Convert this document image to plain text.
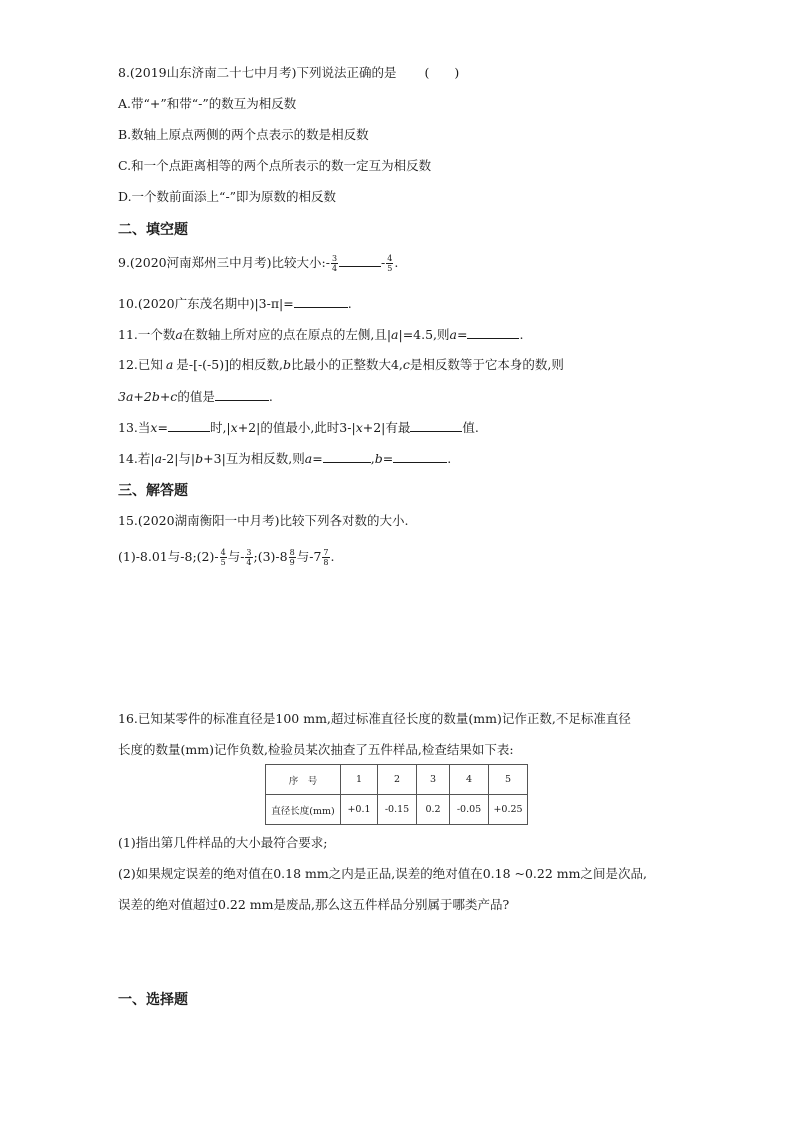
8.(2019山东济南二十七中月考)下列说法正确的是 (　　)
A.带“+”和带“-”的数互为相反数
B.数轴上原点两侧的两个点表示的数是相反数
C.和一个点距离相等的两个点所表示的数一定互为相反数
D.一个数前面添上“-”即为原数的相反数
二、填空题
9.(2020河南郑州三中月考)比较大小:- $\frac{3}{4}$	- $\frac{4}{5}$ .
10.(2020广东茂名期中)|3-π|=	.
11.一个数a在数轴上所对应的点在原点的左侧,且|a|=4.5,则a=	.
12.已知 a 是-[-(-5)]的相反数,b比最小的正整数大4,c是相反数等于它本身的数,则
3a+2b+c的值是	.
13.当x=	时,|x+2|的值最小,此时3-|x+2|有最	值.
14.若|a-2|与|b+3|互为相反数,则a=	,b=	.
三、解答题
15.(2020湖南衡阳一中月考)比较下列各对数的大小.
(1)-8.01与-8;(2)- $\frac{4}{5}$ 与- $\frac{3}{4}$ ;(3)-8 $\frac{8}{9}$ 与$-7 \frac{7}{8}$ .
16.已知某零件的标准直径是100 mm,超过标准直径长度的数量(mm)记作正数,不足标准直径
长度的数量(mm)记作负数,检验员某次抽查了五件样品,检查结果如下表:
序　号	1	2	3	4	5
直径长度(mm)	+0.1	-0.15	0.2	-0.05	+0.25
(1)指出第几件样品的大小最符合要求;
(2)如果规定误差的绝对值在0.18 mm之内是正品,误差的绝对值在0.18 ~0.22 mm之间是次品,
误差的绝对值超过0.22 mm是废品,那么这五件样品分别属于哪类产品?
一、选择题
